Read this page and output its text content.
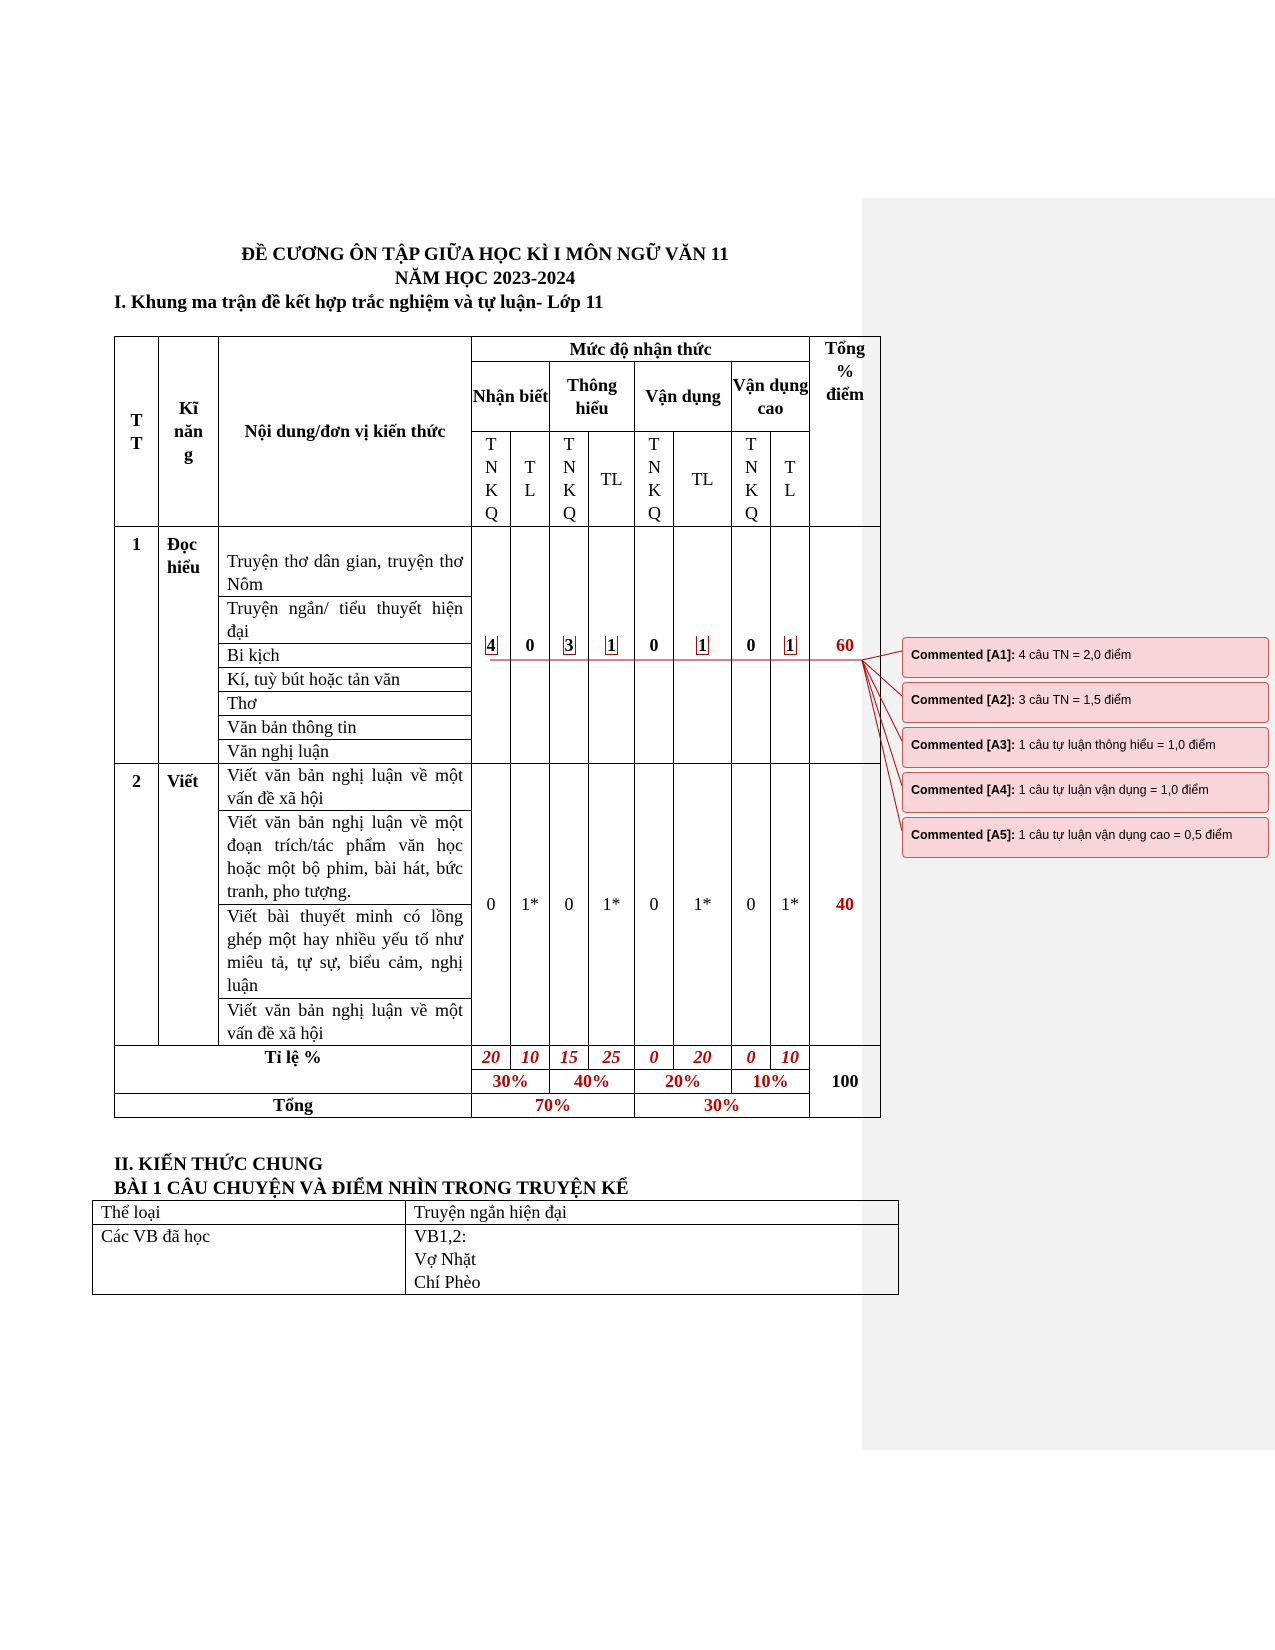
ĐỀ CƯƠNG ÔN TẬP GIỮA HỌC KÌ I MÔN NGỮ VĂN 11
NĂM HỌC 2023-2024
I. Khung ma trận đề kết hợp trắc nghiệm và tự luận- Lớp 11
T T	Kĩ năn g	Nội dung/đơn vị kiến thức	Mức độ nhận thức								Tổng % điểm

			Nhận biết		Thông hiểu		Vận dụng		Vận dụng cao		

			T N K Q	T L	T N K Q	TL	T N K Q	TL	T N K Q	T L	

1	Đọc hiểu	Truyện thơ dân gian, truyện thơ Nôm	4	0	3	1	0	1	0	1	60
		Truyện ngắn/ tiểu thuyết hiện đại									
		Bi kịch									
		Kí, tuỳ bút hoặc tản văn									
		Thơ									
		Văn bản thông tin									
		Văn nghị luận									
2	Viết	Viết văn bản nghị luận về một vấn đề xã hội	0	1*	0	1*	0	1*	0	1*	40
		Viết văn bản nghị luận về một đoạn trích/tác phẩm văn học hoặc một bộ phim, bài hát, bức tranh, pho tượng.									
		Viết bài thuyết minh có lồng ghép một hay nhiều yếu tố như miêu tả, tự sự, biểu cảm, nghị luận									
		Viết văn bản nghị luận về một vấn đề xã hội									
Tỉ lệ %			20	10	15	25	0	20	0	10	100
			30%		40%		20%		10%		
Tổng			70%				30%				
II. KIẾN THỨC CHUNG
BÀI 1 CÂU CHUYỆN VÀ ĐIỂM NHÌN TRONG TRUYỆN KỂ
Thể loại	Truyện ngắn hiện đại
Các VB đã học	VB1,2:
Vợ Nhặt
Chí Phèo
Commented [A1]: 4 câu TN = 2,0 điểm
Commented [A2]: 3 câu TN = 1,5 điểm
Commented [A3]: 1 câu tự luận thông hiểu = 1,0 điểm
Commented [A4]: 1 câu tự luận vận dụng = 1,0 điểm
Commented [A5]: 1 câu tự luận vận dụng cao = 0,5 điểm
